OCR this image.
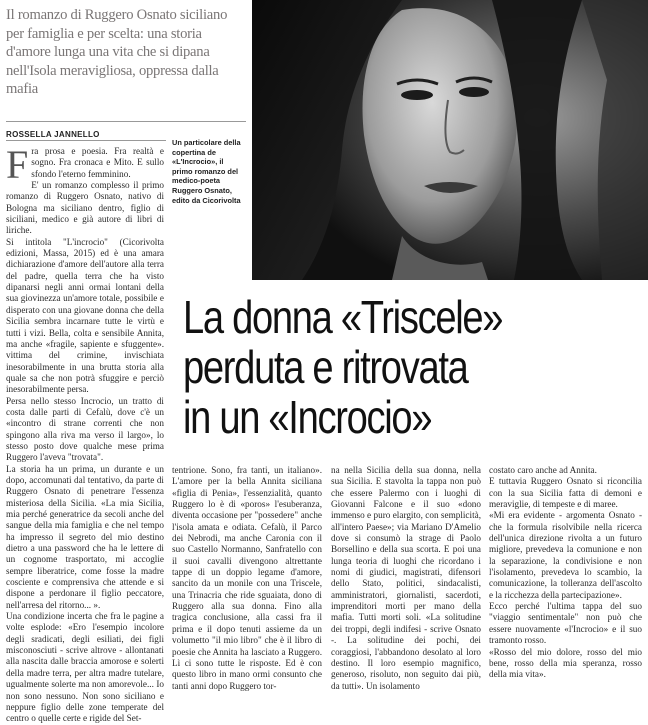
Il romanzo di Ruggero Osnato siciliano per famiglia e per scelta: una storia d'amore lunga una vita che si dipana nell'Isola meravigliosa, oppressa dalla mafia
ROSSELLA JANNELLO
F ra prosa e poesia. Fra realtà e sogno. Fra cronaca e Mito. E sullo sfondo l'eterno femminino.

E' un romanzo complesso il primo romanzo di Ruggero Osnato, nativo di Bologna ma siciliano dentro, figlio di siciliani, medico e già autore di libri di liriche.

Si intitola "L'incrocio" (Cicorivolta edizioni, Massa, 2015) ed è una amara dichiarazione d'amore dell'autore alla terra del padre, quella terra che ha visto dipanarsi negli anni ormai lontani della sua giovinezza un'amore totale, possibile e disperato con una giovane donna che della Sicilia sembra incarnare tutte le virtù e tutti i vizi. Bella, colta e sensibile Annita, ma anche «fragile, sapiente e sfuggente». vittima del crimine, invischiata inesorabilmente in una brutta storia alla quale sa che non potrà sfuggire e perciò inesorabilmente persa.

Persa nello stesso Incrocio, un tratto di costa dalle parti di Cefalù, dove c'è un «incontro di strane correnti che non spingono alla riva ma verso il largo», lo stesso posto dove qualche mese prima Ruggero l'aveva "trovata".

La storia ha un prima, un durante e un dopo, accomunati dal tentativo, da parte di Ruggero Osnato di penetrare l'essenza misteriosa della Sicilia. «La mia Sicilia, mia perché generatrice da secoli anche del sangue della mia famiglia e che nel tempo ha impresso il segreto del mio destino dietro a una password che ha le lettere di un cognome trasportato, mi accoglie sempre liberatrice, come fosse la madre cosciente e comprensiva che attende e si dispone a perdonare il figlio peccatore, nell'arresa del ritorno... ».

Una condizione incerta che fra le pagine a volte esplode: «Ero l'esempio incolore degli sradicati, degli esiliati, dei figli misconosciuti - scrive altrove - allontanati alla nascita dalle braccia amorose e solerti della madre terra, per altra madre tutelare, ugualmente solerte ma non amorevole... Io non sono nessuno. Non sono siciliano e neppure figlio delle zone temperate del centro o quelle certe e rigide del Set-

Un particolare della copertina de «L'Incrocio», il primo romanzo del medico-poeta Ruggero Osnato, edito da Cicorivolta
La donna «Triscele»
perduta e ritrovata
in un «Incrocio»

tentrione. Sono, fra tanti, un italiano». L'amore per la bella Annita siciliana «figlia di Penia», l'essenzialità, quanto Ruggero lo è di «poros» l'esuberanza, diventa occasione per "possedere" anche l'isola amata e odiata. Cefalù, il Parco dei Nebrodi, ma anche Caronia con il suo Castello Normanno, Sanfratello con il suoi cavalli divengono altrettante tappe di un doppio legame d'amore, sancito da un monile con una Triscele, una Trinacria che ride sguaiata, dono di Ruggero alla sua donna. Fino alla tragica conclusione, alla cassi fra il prima e il dopo tenuti assieme da un volumetto "il mio libro" che è il libro di poesie che Annita ha lasciato a Ruggero. Lì ci sono tutte le risposte. Ed è con questo libro in mano ormi consunto che tanti anni dopo Ruggero tor-

na nella Sicilia della sua donna, nella sua Sicilia. E stavolta la tappa non può che essere Palermo con i luoghi di Giovanni Falcone e il suo «dono immenso e puro elargito, con semplicità, all'intero Paese»; via Mariano D'Amelio dove si consumò la strage di Paolo Borsellino e della sua scorta. E poi una lunga teoria di luoghi che ricordano i nomi di giudici, magistrati, difensori dello Stato, politici, sindacalisti, amministratori, giornalisti, sacerdoti, imprenditori morti per mano della mafia. Tutti morti soli. «La solitudine dei troppi, degli indifesi - scrive Osnato -. La solitudine dei pochi, dei coraggiosi, l'abbandono desolato al loro destino. Il loro esempio magnifico, generoso, risoluto, non seguito dai più, da tutti». Un isolamento

costato caro anche ad Annita.

E tuttavia Ruggero Osnato si riconcilia con la sua Sicilia fatta di demoni e meraviglie, di tempeste e di maree.

«Mi era evidente - argomenta Osnato - che la formula risolvibile nella ricerca dell'unica direzione rivolta a un futuro migliore, prevedeva la comunione e non la separazione, la condivisione e non l'isolamento, prevedeva lo scambio, la comunicazione, la tolleranza dell'ascolto e la ricchezza della partecipazione».

Ecco perché l'ultima tappa del suo "viaggio sentimentale" non può che essere nuovamente «l'Incrocio» e il suo tramonto rosso.

«Rosso del mio dolore, rosso del mio bene, rosso della mia speranza, rosso della mia vita».
